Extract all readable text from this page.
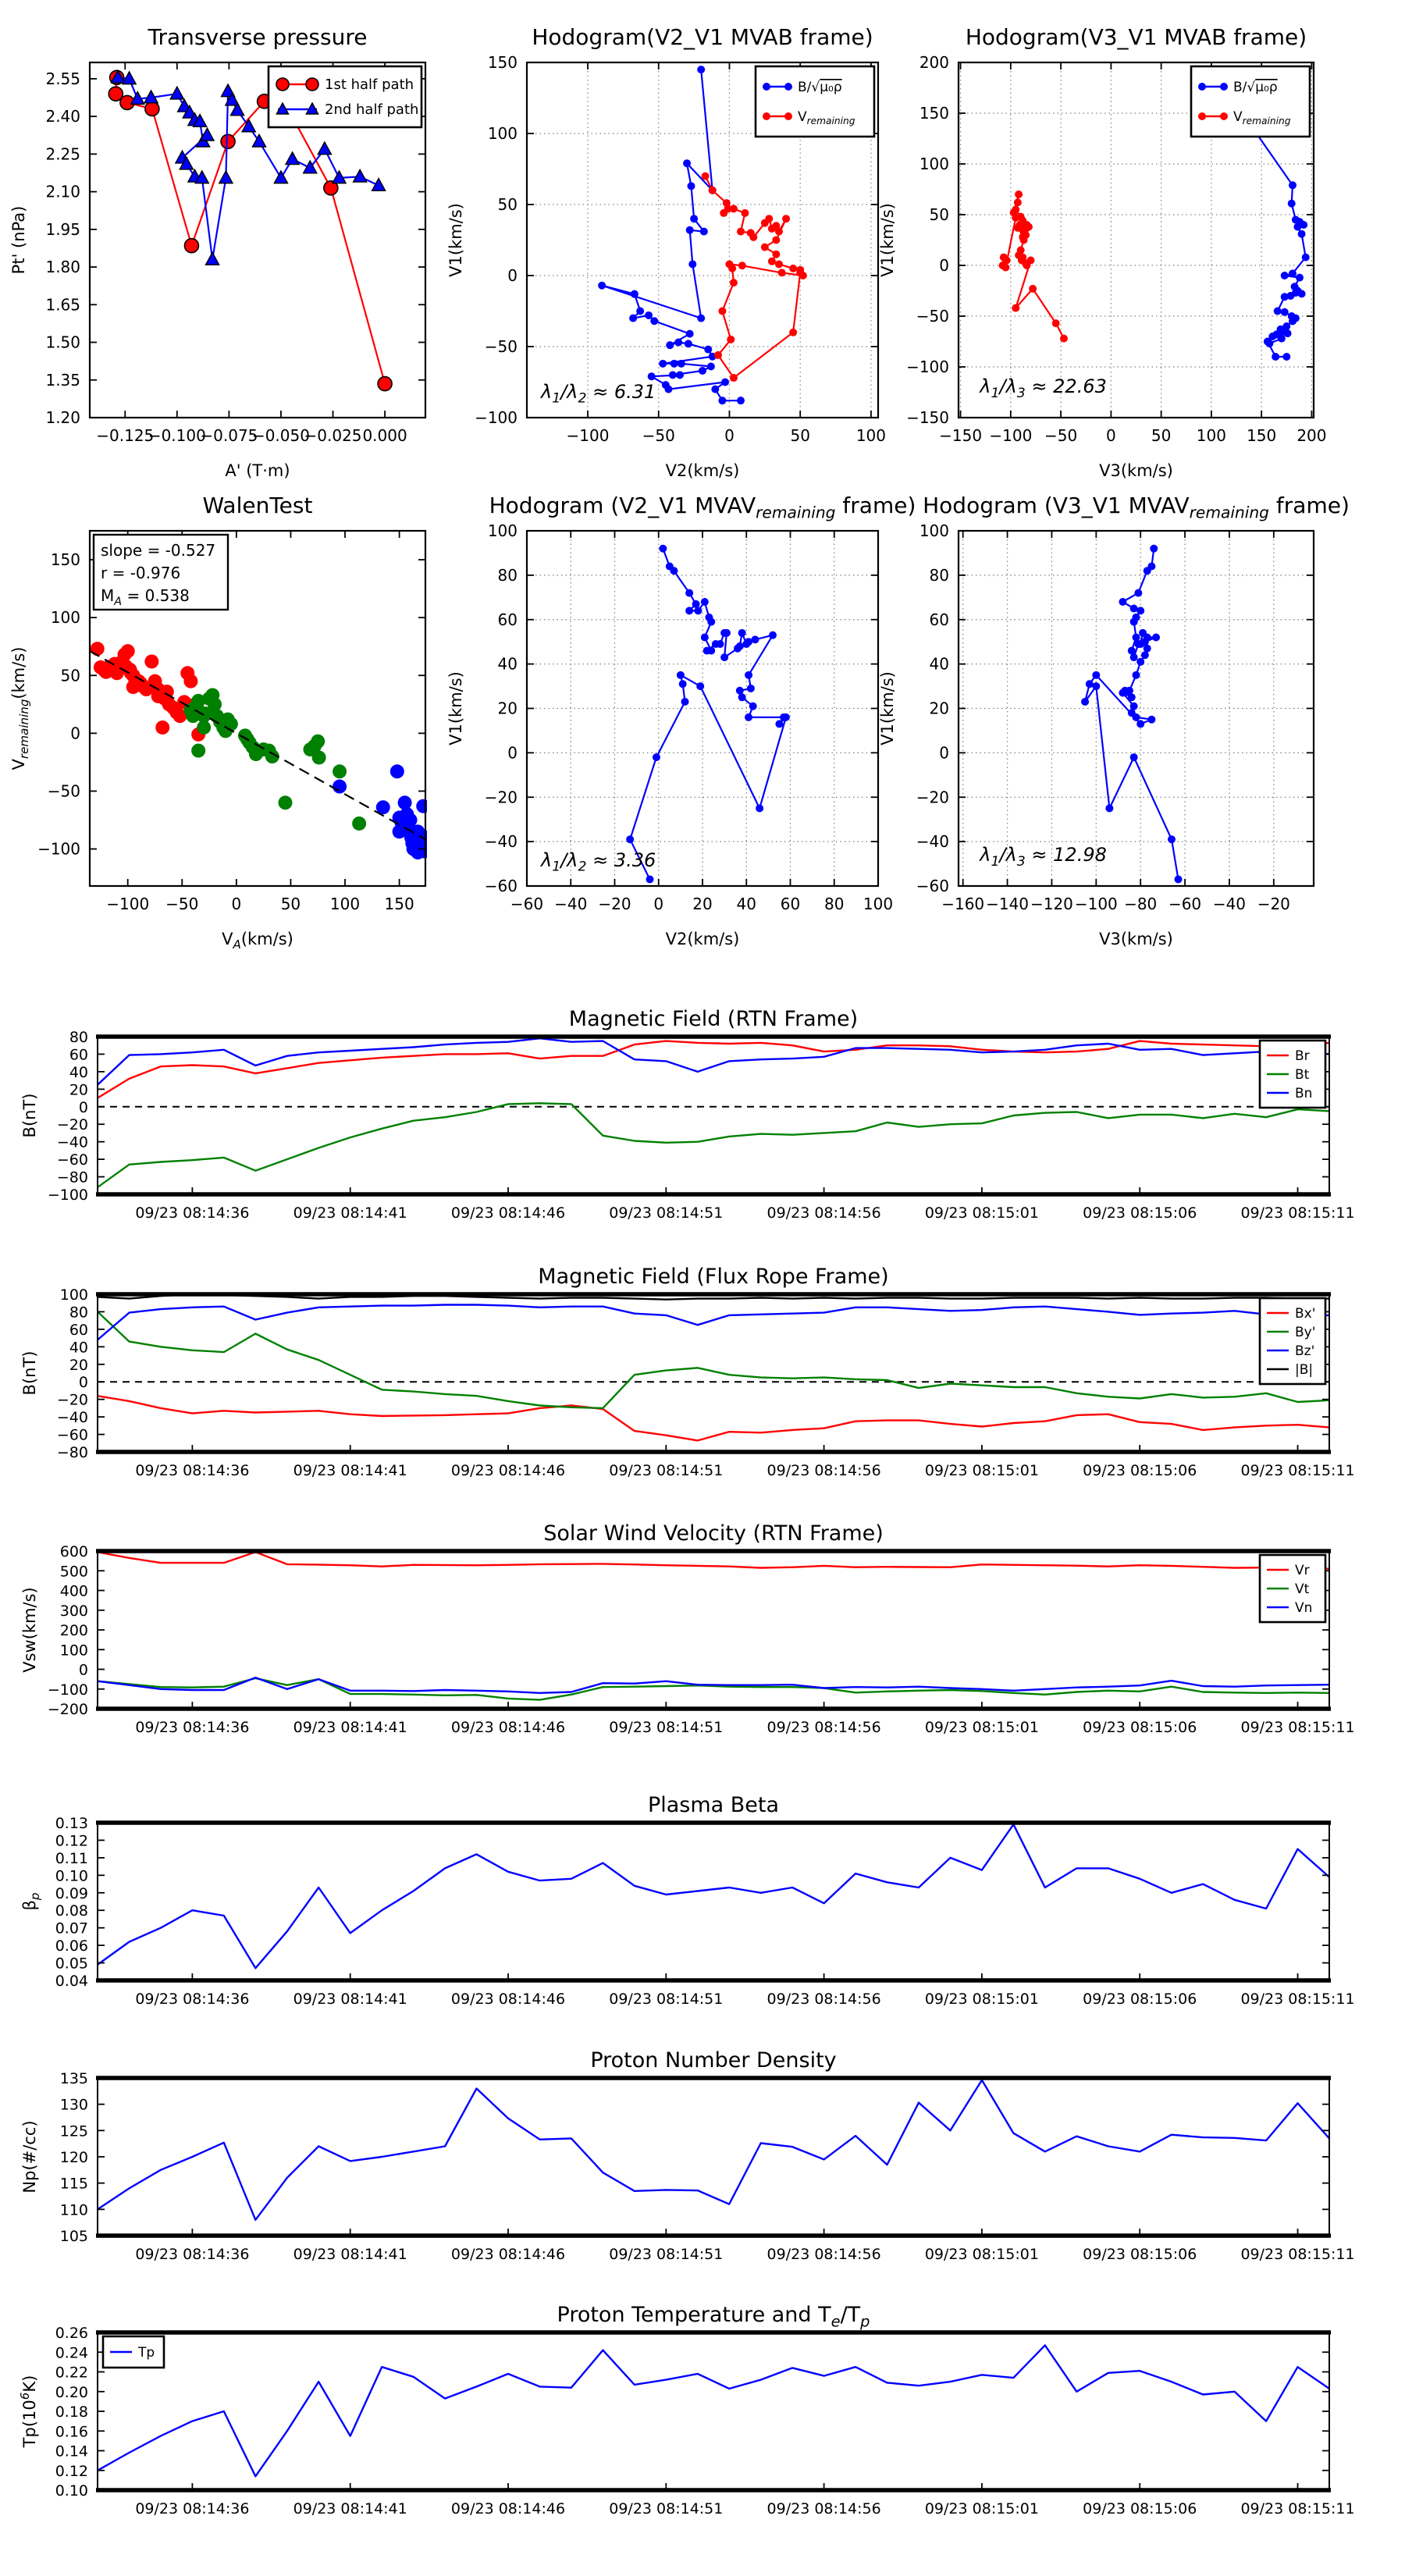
−0.125
−0.100
−0.075
−0.050
−0.025 0.000
1.20
1.35
1.50
1.65
1.80
1.95
2.10
2.25
2.40
2.55
A' (T·m)
1st half path
2nd half path
Transverse pressure
Pt' (nPa)
−100 −50	0	50	100
−100
−50
0
50
100
150
V2(km/s)
$\lambda_1/\lambda_2 \approx 6.31$
B/√μ₀ρ
$V_{remaining}$
Hodogram(V2_V1 MVAB frame)
V1(km/s)
−150 −100 −50 0 50 100 150 200
−150
−100
−50
0
50
100
150
200
V3(km/s)
$\lambda_1/\lambda_3 \approx 22.63$
B/√μ₀ρ
$V_{remaining}$
Hodogram(V3_V1 MVAB frame)
V1(km/s)
−100 −50 0	50 100 150
−100
−50
0
50
100
150
$V_A(km/s)$
slope = -0.527
r = -0.976
$M_A = 0.538$
WalenTest
$V_{remaining}(km/s)$
−60 −40 −20 0 20 40 60 80 100
−60
−40
−20
0
20
40
60
80
100
V2(km/s)
$\lambda_1/\lambda_2 \approx 3.36$
Hodogram (V2_V1 $MVAV_{remaining}$ frame)
V1(km/s)
−160 −140 −120 −100 −80 −60 −40 −20
−60
−40
−20
0
20
40
60
80
100
V3(km/s)
$\lambda_1/\lambda_3 \approx 12.98$
Hodogram (V3_V1 $MVAV_{remaining}$ frame)
V1(km/s)
09/23 08:14:36	09/23 08:14:41	09/23 08:14:46	09/23 08:14:51	09/23 08:14:56	09/23 08:15:01	09/23 08:15:06	09/23 08:15:11
−100
−80
−60
−40
−20
0
20
40
60
80
Br
Bt
Bn
Magnetic Field (RTN Frame)
B(nT)
09/23 08:14:36	09/23 08:14:41	09/23 08:14:46	09/23 08:14:51	09/23 08:14:56	09/23 08:15:01	09/23 08:15:06	09/23 08:15:11
−80
−60
−40
−20
0
20
40
60
80
100
Bx'
By'
Bz'
|B|
Magnetic Field (Flux Rope Frame)
B(nT)
09/23 08:14:36	09/23 08:14:41	09/23 08:14:46	09/23 08:14:51	09/23 08:14:56	09/23 08:15:01	09/23 08:15:06	09/23 08:15:11
−200
−100
0
100
200
300
400
500
600
Vr
Vt
Vn
Solar Wind Velocity (RTN Frame)
Vsw(km/s)
09/23 08:14:36	09/23 08:14:41	09/23 08:14:46	09/23 08:14:51	09/23 08:14:56	09/23 08:15:01	09/23 08:15:06	09/23 08:15:11
0.04
0.05
0.06
0.07
0.08
0.09
0.10
0.11
0.12
0.13
Plasma Beta
$\beta_p$
09/23 08:14:36	09/23 08:14:41	09/23 08:14:46	09/23 08:14:51	09/23 08:14:56	09/23 08:15:01	09/23 08:15:06	09/23 08:15:11
105
110
115
120
125
130
135
Proton Number Density
Np(#/cc)
09/23 08:14:36	09/23 08:14:41	09/23 08:14:46	09/23 08:14:51	09/23 08:14:56	09/23 08:15:01	09/23 08:15:06	09/23 08:15:11
0.10
0.12
0.14
0.16
0.18
0.20
0.22
0.24
0.26
Tp
Proton Temperature and $T_e/T_p$
$Tp(10^6K)$
